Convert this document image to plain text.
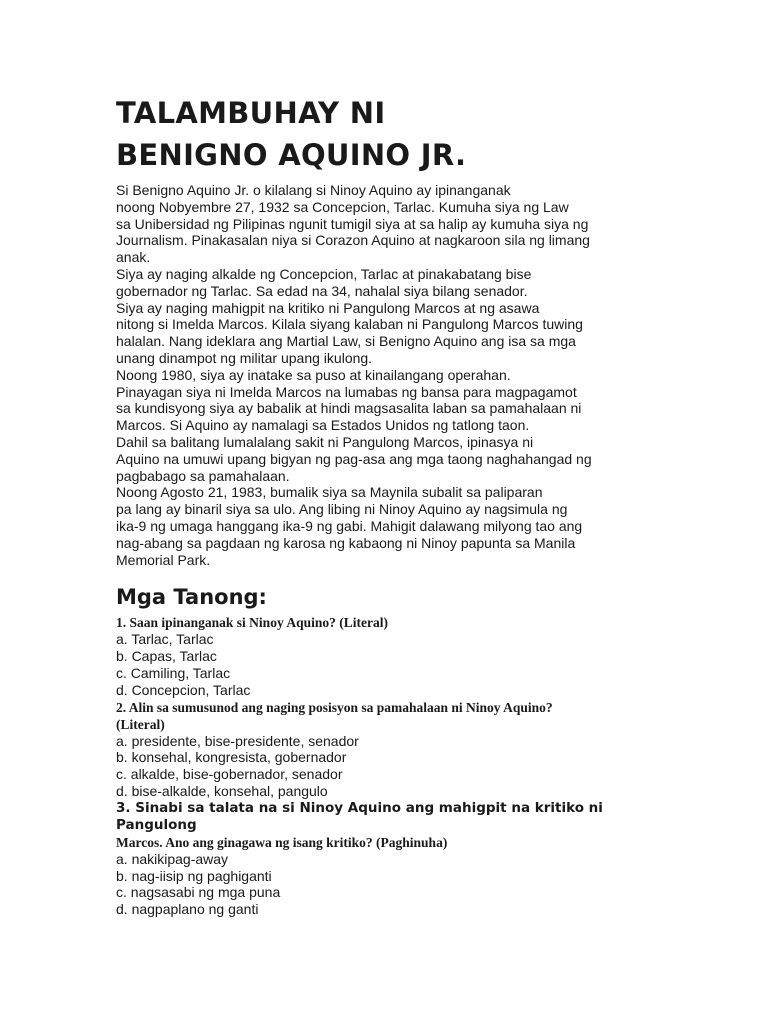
TALAMBUHAY NI
BENIGNO AQUINO JR.
Si Benigno Aquino Jr. o kilalang si Ninoy Aquino ay ipinanganak
noong Nobyembre 27, 1932 sa Concepcion, Tarlac. Kumuha siya ng Law
sa Unibersidad ng Pilipinas ngunit tumigil siya at sa halip ay kumuha siya ng
Journalism. Pinakasalan niya si Corazon Aquino at nagkaroon sila ng limang
anak.
Siya ay naging alkalde ng Concepcion, Tarlac at pinakabatang bise
gobernador ng Tarlac. Sa edad na 34, nahalal siya bilang senador.
Siya ay naging mahigpit na kritiko ni Pangulong Marcos at ng asawa
nitong si Imelda Marcos. Kilala siyang kalaban ni Pangulong Marcos tuwing
halalan. Nang ideklara ang Martial Law, si Benigno Aquino ang isa sa mga
unang dinampot ng militar upang ikulong.
Noong 1980, siya ay inatake sa puso at kinailangang operahan.
Pinayagan siya ni Imelda Marcos na lumabas ng bansa para magpagamot
sa kundisyong siya ay babalik at hindi magsasalita laban sa pamahalaan ni
Marcos. Si Aquino ay namalagi sa Estados Unidos ng tatlong taon.
Dahil sa balitang lumalalang sakit ni Pangulong Marcos, ipinasya ni
Aquino na umuwi upang bigyan ng pag-asa ang mga taong naghahangad ng
pagbabago sa pamahalaan.
Noong Agosto 21, 1983, bumalik siya sa Maynila subalit sa paliparan
pa lang ay binaril siya sa ulo. Ang libing ni Ninoy Aquino ay nagsimula ng
ika-9 ng umaga hanggang ika-9 ng gabi. Mahigit dalawang milyong tao ang
nag-abang sa pagdaan ng karosa ng kabaong ni Ninoy papunta sa Manila
Memorial Park.
Mga Tanong:
1. Saan ipinanganak si Ninoy Aquino? (Literal)
a. Tarlac, Tarlac
b. Capas, Tarlac
c. Camiling, Tarlac
d. Concepcion, Tarlac
2. Alin sa sumusunod ang naging posisyon sa pamahalaan ni Ninoy Aquino?
(Literal)
a. presidente, bise-presidente, senador
b. konsehal, kongresista, gobernador
c. alkalde, bise-gobernador, senador
d. bise-alkalde, konsehal, pangulo
3. Sinabi sa talata na si Ninoy Aquino ang mahigpit na kritiko ni
Pangulong
Marcos. Ano ang ginagawa ng isang kritiko? (Paghinuha)
a. nakikipag-away
b. nag-iisip ng paghiganti
c. nagsasabi ng mga puna
d. nagpaplano ng ganti
